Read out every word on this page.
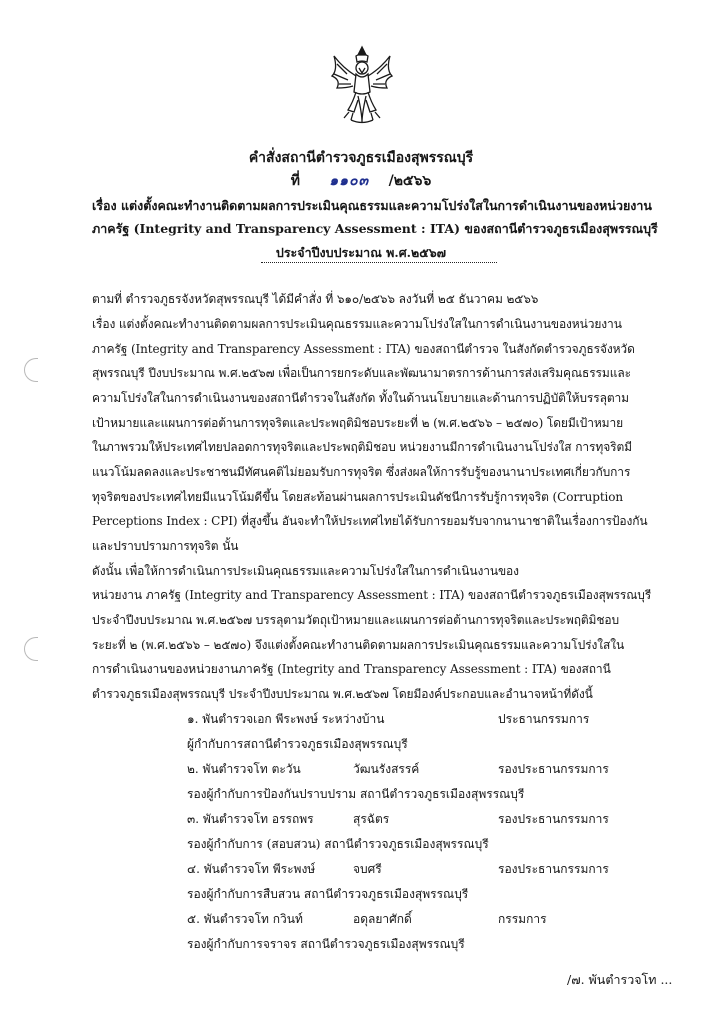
คำสั่งสถานีตำรวจภูธรเมืองสุพรรณบุรี
ที่ ๑๑๐๓ /๒๕๖๖
เรื่อง แต่งตั้งคณะทำงานติดตามผลการประเมินคุณธรรมและความโปร่งใสในการดำเนินงานของหน่วยงาน
ภาครัฐ (Integrity and Transparency Assessment : ITA) ของสถานีตำรวจภูธรเมืองสุพรรณบุรี
ประจำปีงบประมาณ พ.ศ.๒๕๖๗
ตามที่ ตำรวจภูธรจังหวัดสุพรรณบุรี ได้มีคำสั่ง ที่ ๖๑๐/๒๕๖๖ ลงวันที่ ๒๕ ธันวาคม ๒๕๖๖
เรื่อง แต่งตั้งคณะทำงานติดตามผลการประเมินคุณธรรมและความโปร่งใสในการดำเนินงานของหน่วยงาน
ภาครัฐ (Integrity and Transparency Assessment : ITA) ของสถานีตำรวจ ในสังกัดตำรวจภูธรจังหวัด
สุพรรณบุรี ปีงบประมาณ พ.ศ.๒๕๖๗ เพื่อเป็นการยกระดับและพัฒนามาตรการด้านการส่งเสริมคุณธรรมและ
ความโปร่งใสในการดำเนินงานของสถานีตำรวจในสังกัด ทั้งในด้านนโยบายและด้านการปฏิบัติให้บรรลุตาม
เป้าหมายและแผนการต่อต้านการทุจริตและประพฤติมิชอบระยะที่ ๒ (พ.ศ.๒๕๖๖ – ๒๕๗๐) โดยมีเป้าหมาย
ในภาพรวมให้ประเทศไทยปลอดการทุจริตและประพฤติมิชอบ หน่วยงานมีการดำเนินงานโปร่งใส การทุจริตมี
แนวโน้มลดลงและประชาชนมีทัศนคติไม่ยอมรับการทุจริต ซึ่งส่งผลให้การรับรู้ของนานาประเทศเกี่ยวกับการ
ทุจริตของประเทศไทยมีแนวโน้มดีขึ้น โดยสะท้อนผ่านผลการประเมินดัชนีการรับรู้การทุจริต (Corruption
Perceptions Index : CPI) ที่สูงขึ้น อันจะทำให้ประเทศไทยได้รับการยอมรับจากนานาชาติในเรื่องการป้องกัน
และปราบปรามการทุจริต นั้น
ดังนั้น เพื่อให้การดำเนินการประเมินคุณธรรมและความโปร่งใสในการดำเนินงานของ
หน่วยงาน ภาครัฐ (Integrity and Transparency Assessment : ITA) ของสถานีตำรวจภูธรเมืองสุพรรณบุรี
ประจำปีงบประมาณ พ.ศ.๒๕๖๗ บรรลุตามวัตถุเป้าหมายและแผนการต่อต้านการทุจริตและประพฤติมิชอบ
ระยะที่ ๒ (พ.ศ.๒๕๖๖ – ๒๕๗๐) จึงแต่งตั้งคณะทำงานติดตามผลการประเมินคุณธรรมและความโปร่งใสใน
การดำเนินงานของหน่วยงานภาครัฐ (Integrity and Transparency Assessment : ITA) ของสถานี
ตำรวจภูธรเมืองสุพรรณบุรี ประจำปีงบประมาณ พ.ศ.๒๕๖๗ โดยมีองค์ประกอบและอำนาจหน้าที่ดังนี้
๑. พันตำรวจเอก พีระพงษ์ ระหว่างบ้าน	ประธานกรรมการ
ผู้กำกับการสถานีตำรวจภูธรเมืองสุพรรณบุรี
๒. พันตำรวจโท ตะวัน	วัฒนรังสรรค์	รองประธานกรรมการ
รองผู้กำกับการป้องกันปราบปราม สถานีตำรวจภูธรเมืองสุพรรณบุรี
๓. พันตำรวจโท อรรถพร	สุรฉัตร	รองประธานกรรมการ
รองผู้กำกับการ (สอบสวน) สถานีตำรวจภูธรเมืองสุพรรณบุรี
๔. พันตำรวจโท พีระพงษ์	จบศรี	รองประธานกรรมการ
รองผู้กำกับการสืบสวน สถานีตำรวจภูธรเมืองสุพรรณบุรี
๕. พันตำรวจโท กวินท์	อดุลยาศักดิ์	กรรมการ
รองผู้กำกับการจราจร สถานีตำรวจภูธรเมืองสุพรรณบุรี
/๗. พันตำรวจโท ...
